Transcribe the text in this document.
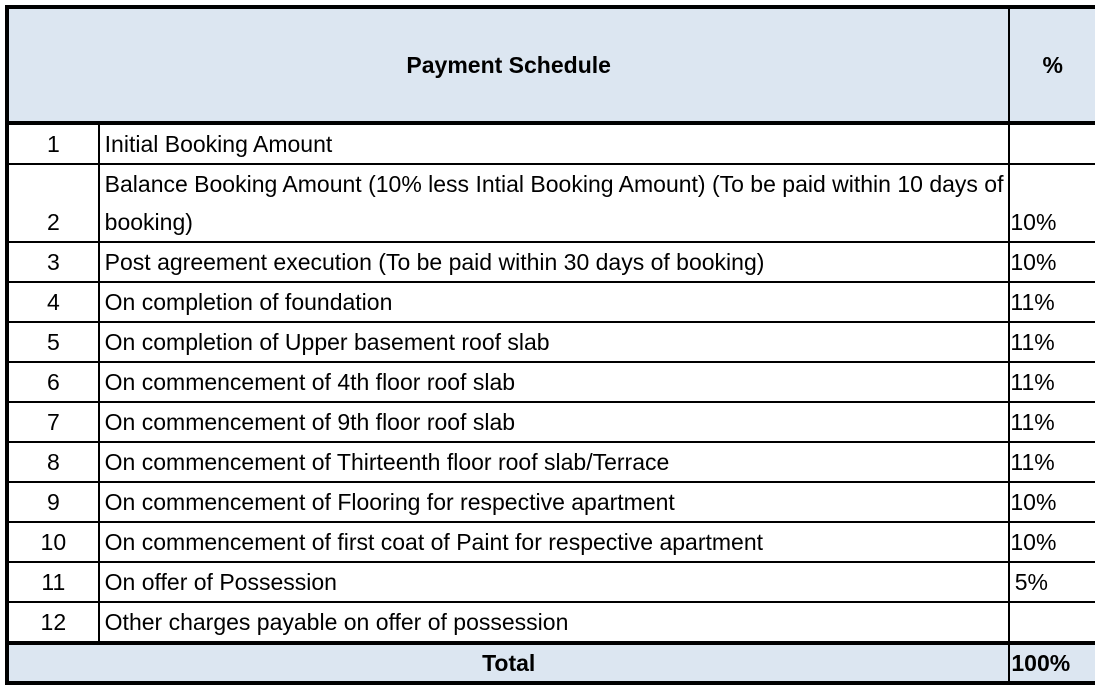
Payment Schedule		%
1	Initial Booking Amount	
2	Balance Booking Amount (10% less Intial Booking Amount) (To be paid within 10 days of booking)	10%
3	Post agreement execution (To be paid within 30 days of booking)	10%
4	On completion of foundation	11%
5	On completion of Upper basement roof slab	11%
6	On commencement of 4th floor roof slab	11%
7	On commencement of 9th floor roof slab	11%
8	On commencement of Thirteenth floor roof slab/Terrace	11%
9	On commencement of Flooring for respective apartment	10%
10	On commencement of first coat of Paint for respective apartment	10%
11	On offer of Possession	5%
12	Other charges payable on offer of possession	
Total		100%
